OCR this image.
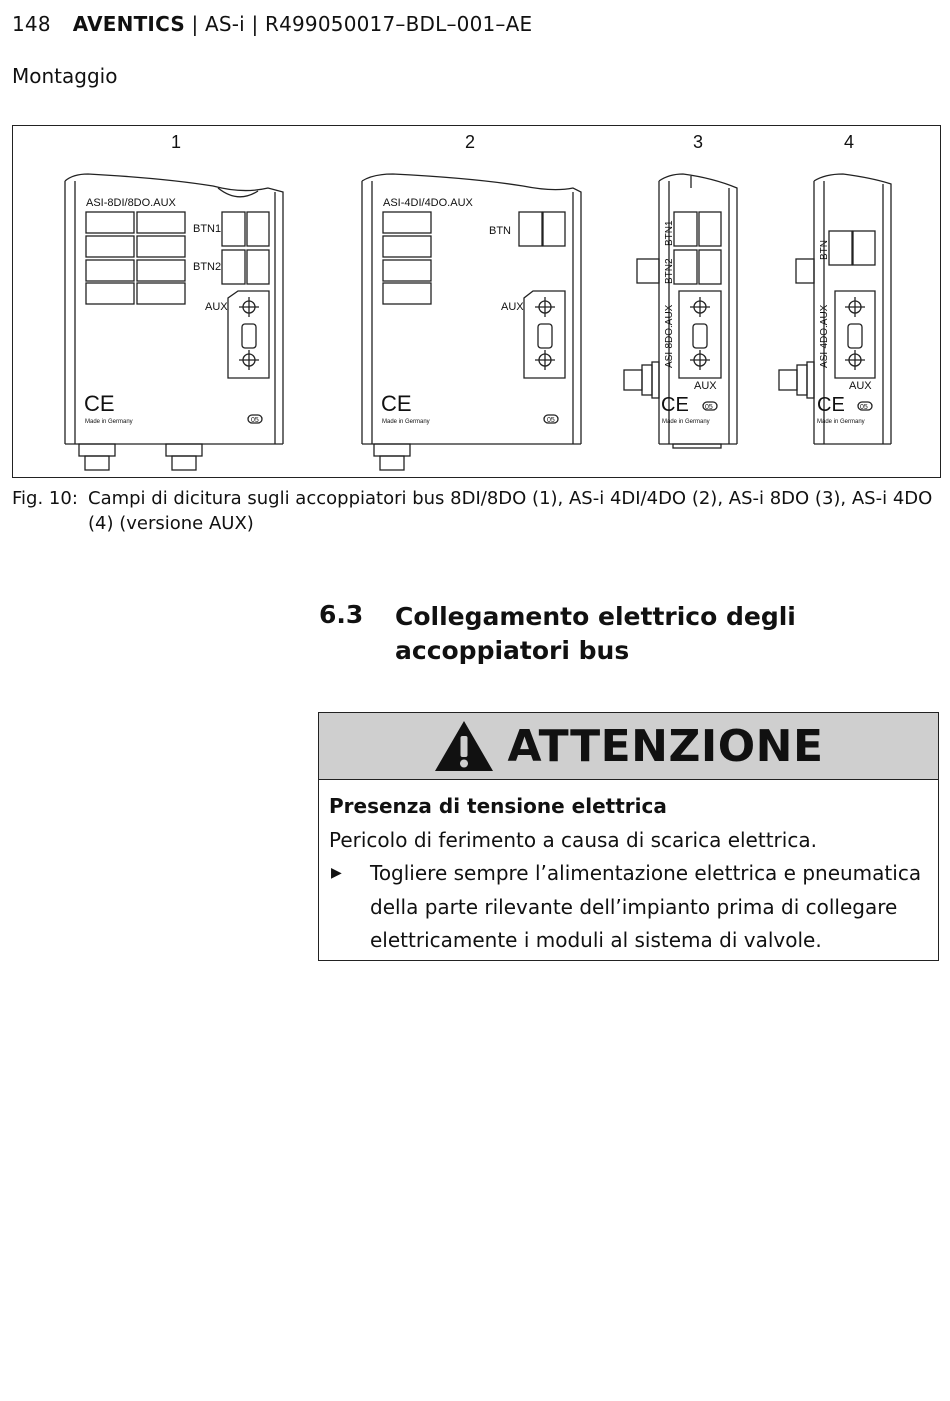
148 AVENTICS | AS-i | R499050017–BDL–001–AE
Montaggio
1	2	3	4
ASI-8DI/8DO.AUX
BTN1
BTN2
AUX
CE
Made in Germany	05
ASI-4DI/4DO.AUX
BTN
AUX
CE
Made in Germany	05
BTN1
BTN2
ASI-8DO.AUX
AUX
CE
Made in Germany
05
BTN
ASI-4DO.AUX
AUX
CE
Made in Germany
05
Fig. 10: Campi di dicitura sugli accoppiatori bus 8DI/8DO (1), AS-i 4DI/4DO (2), AS-i 8DO (3), AS-i 4DO (4) (versione AUX)
6.3 Collegamento elettrico degli accoppiatori bus
ATTENZIONE
Presenza di tensione elettrica
Pericolo di ferimento a causa di scarica elettrica.
▶ Togliere sempre l’alimentazione elettrica e pneumatica della parte rilevante dell’impianto prima di collegare elettricamente i moduli al sistema di valvole.
